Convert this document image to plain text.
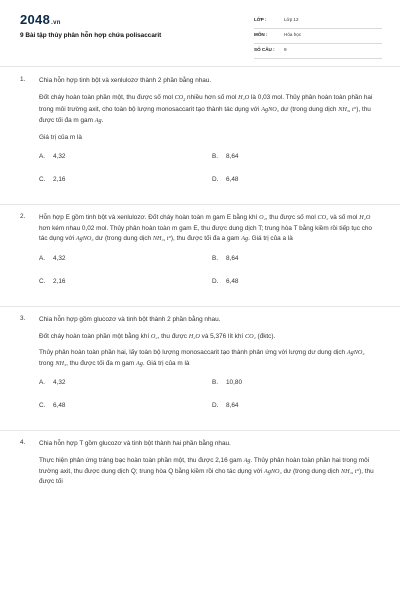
2048.vn
9 Bài tập thủy phân hỗn hợp chứa polisaccarit
LỚP :	Lớp 12
MÔN :	Hóa học
SỐ CÂU : 9
1. Chia hỗn hợp tinh bột và xenlulozơ thành 2 phần bằng nhau.

Đốt cháy hoàn toàn phần một, thu được số mol $CO_2$ nhiều hơn số mol H₂O là 0,03 mol. Thủy phân hoàn toàn phần hai trong môi trường axit, cho toàn bộ lượng monosaccarit tạo thành tác dụng với AgNO₃ dư (trong dung dịch NH₃, t°), thu được tối đa m gam Ag.

Giá trị của m là

A. 4,32	B. 8,64
C. 2,16	D. 6,48
2. Hỗn hợp E gồm tinh bột và xenlulozơ. Đốt cháy hoàn toàn m gam E bằng khí O₂, thu được số mol CO₂ và số mol H₂O hơn kém nhau 0,02 mol. Thủy phân hoàn toàn m gam E, thu được dung dịch T; trung hòa T bằng kiềm rồi tiếp tục cho tác dụng với AgNO₃ dư (trong dung dịch NH₃, t°), thu được tối đa a gam Ag. Giá trị của a là

A. 4,32	B. 8,64
C. 2,16	D. 6,48
3. Chia hỗn hợp gồm glucozơ và tinh bột thành 2 phần bằng nhau.

Đốt cháy hoàn toàn phần một bằng khí O₂, thu được H₂O và 5,376 lít khí CO₂ (đktc).

Thủy phân hoàn toàn phần hai, lấy toàn bộ lượng monosaccarit tạo thành phản ứng với lượng dư dung dịch AgNO₃ trong NH₃, thu được tối đa m gam Ag. Giá trị của m là

A. 4,32	B. 10,80
C. 6,48	D. 8,64
4. Chia hỗn hợp T gồm glucozơ và tinh bột thành hai phần bằng nhau.

Thực hiện phản ứng tráng bạc hoàn toàn phần một, thu được 2,16 gam Ag. Thủy phân hoàn toàn phần hai trong môi trường axit, thu được dung dịch Q; trung hòa Q bằng kiềm rồi cho tác dụng với AgNO₃ dư (trong dung dịch NH₃, t°), thu được tối
